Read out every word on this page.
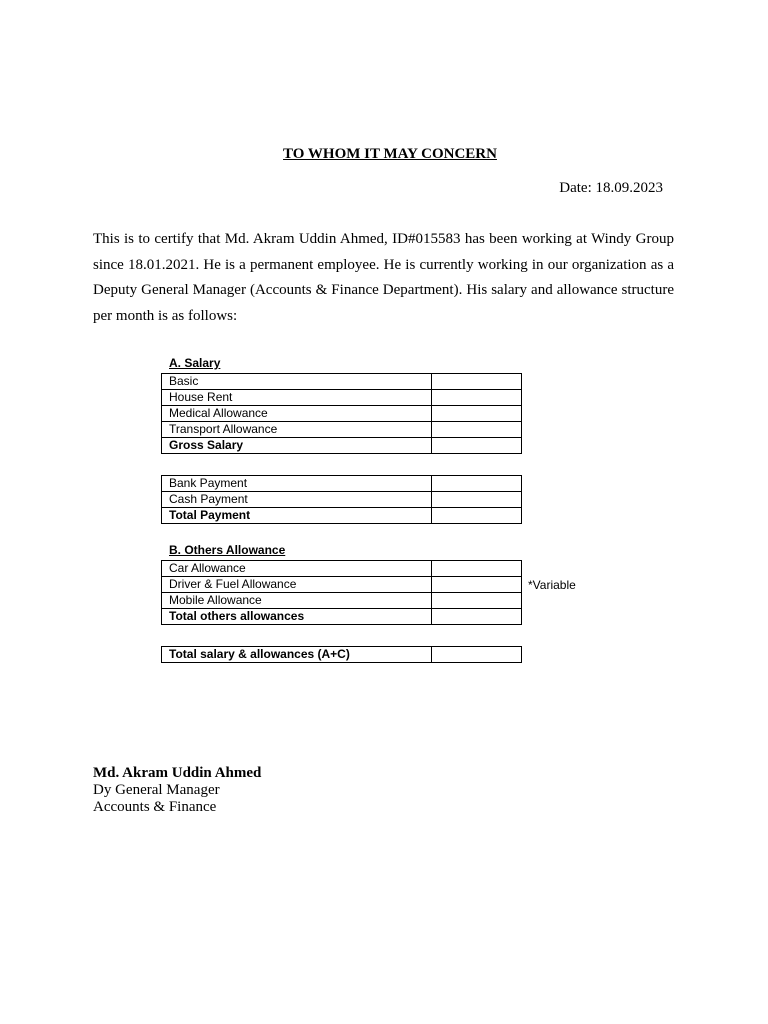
TO WHOM IT MAY CONCERN
Date: 18.09.2023
This is to certify that Md. Akram Uddin Ahmed, ID#015583 has been working at Windy Group since 18.01.2021. He is a permanent employee. He is currently working in our organization as a Deputy General Manager (Accounts & Finance Department). His salary and allowance structure per month is as follows:
A. Salary
Basic	
House Rent	
Medical Allowance	
Transport Allowance	
Gross Salary	
Bank Payment	
Cash Payment	
Total Payment	
B. Others Allowance
Car Allowance	
Driver & Fuel Allowance	
Mobile Allowance	
Total others allowances	
*Variable
Total salary & allowances (A+C)	
Md. Akram Uddin Ahmed
Dy General Manager
Accounts & Finance
